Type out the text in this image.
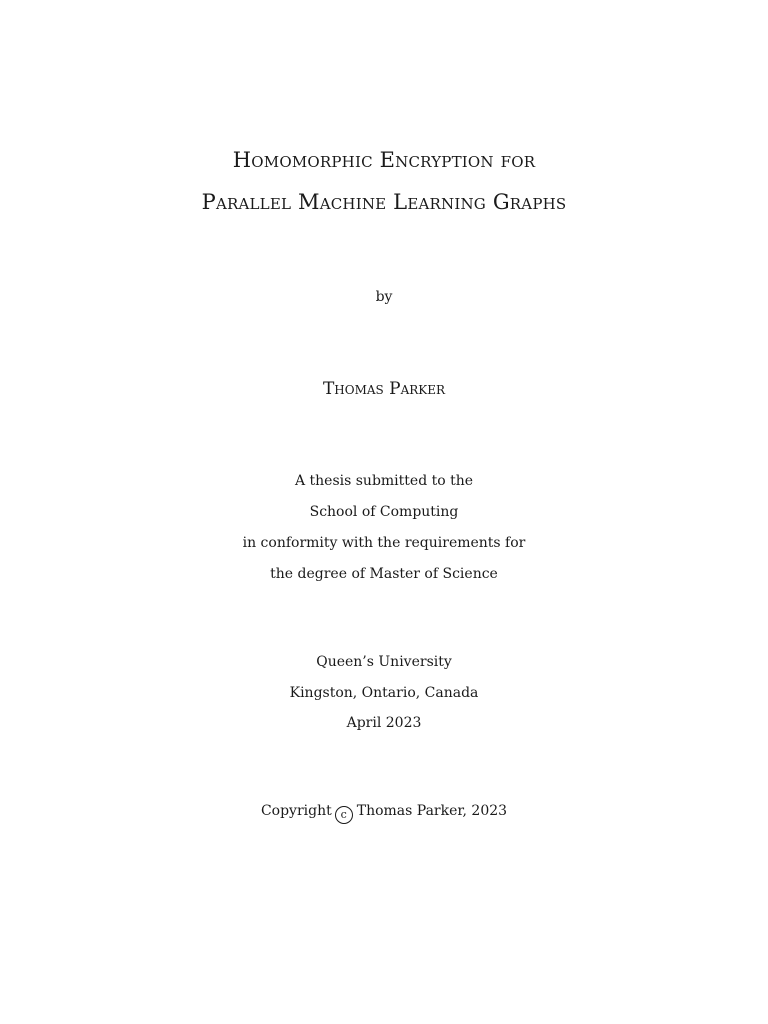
Homomorphic Encryption for
Parallel Machine Learning Graphs
by
Thomas Parker
A thesis submitted to the
School of Computing
in conformity with the requirements for
the degree of Master of Science
Queen’s University
Kingston, Ontario, Canada
April 2023
Copyright c Thomas Parker, 2023
